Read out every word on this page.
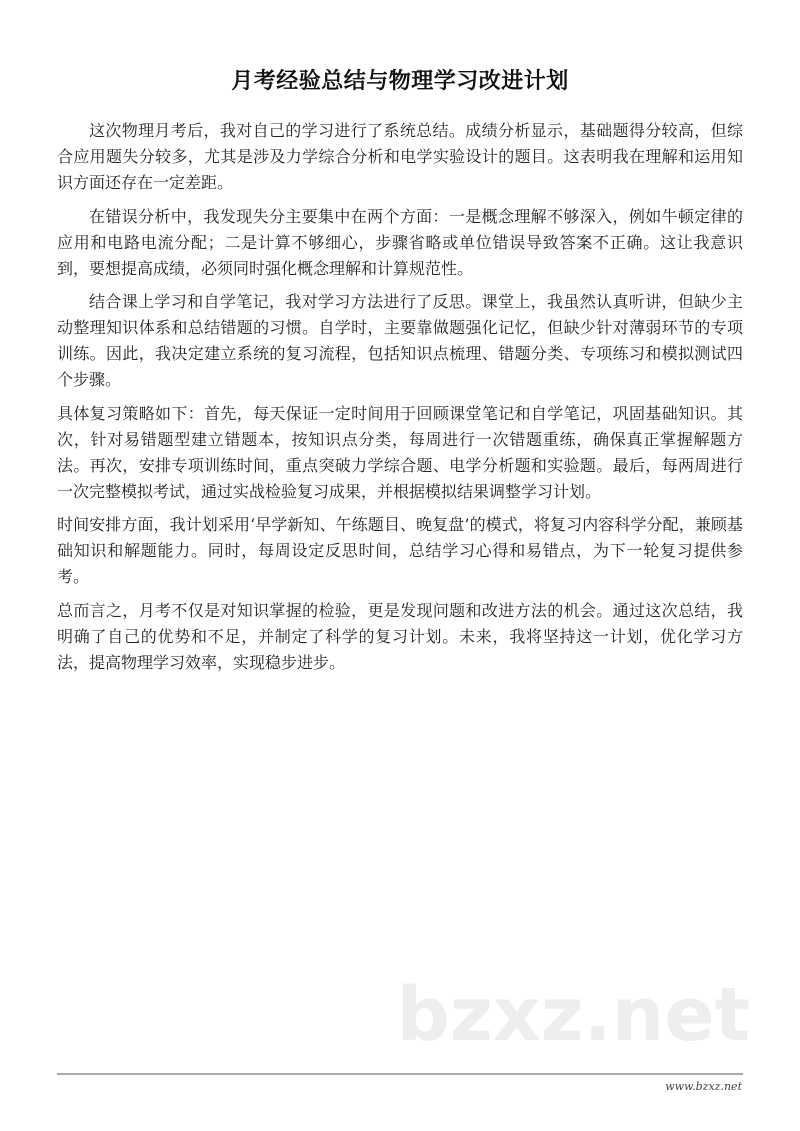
bzxz.net
月考经验总结与物理学习改进计划

这次物理月考后，我对自己的学习进行了系统总结。成绩分析显示，基础题得分较高，但综合应用题失分较多，尤其是涉及力学综合分析和电学实验设计的题目。这表明我在理解和运用知识方面还存在一定差距。

在错误分析中，我发现失分主要集中在两个方面：一是概念理解不够深入，例如牛顿定律的应用和电路电流分配；二是计算不够细心，步骤省略或单位错误导致答案不正确。这让我意识到，要想提高成绩，必须同时强化概念理解和计算规范性。

结合课上学习和自学笔记，我对学习方法进行了反思。课堂上，我虽然认真听讲，但缺少主动整理知识体系和总结错题的习惯。自学时，主要靠做题强化记忆，但缺少针对薄弱环节的专项训练。因此，我决定建立系统的复习流程，包括知识点梳理、错题分类、专项练习和模拟测试四个步骤。

具体复习策略如下：首先，每天保证一定时间用于回顾课堂笔记和自学笔记，巩固基础知识。其次，针对易错题型建立错题本，按知识点分类，每周进行一次错题重练，确保真正掌握解题方法。再次，安排专项训练时间，重点突破力学综合题、电学分析题和实验题。最后，每两周进行一次完整模拟考试，通过实战检验复习成果，并根据模拟结果调整学习计划。

时间安排方面，我计划采用‘早学新知、午练题目、晚复盘’的模式，将复习内容科学分配，兼顾基础知识和解题能力。同时，每周设定反思时间，总结学习心得和易错点，为下一轮复习提供参考。

总而言之，月考不仅是对知识掌握的检验，更是发现问题和改进方法的机会。通过这次总结，我明确了自己的优势和不足，并制定了科学的复习计划。未来，我将坚持这一计划，优化学习方法，提高物理学习效率，实现稳步进步。

www.bzxz.net
